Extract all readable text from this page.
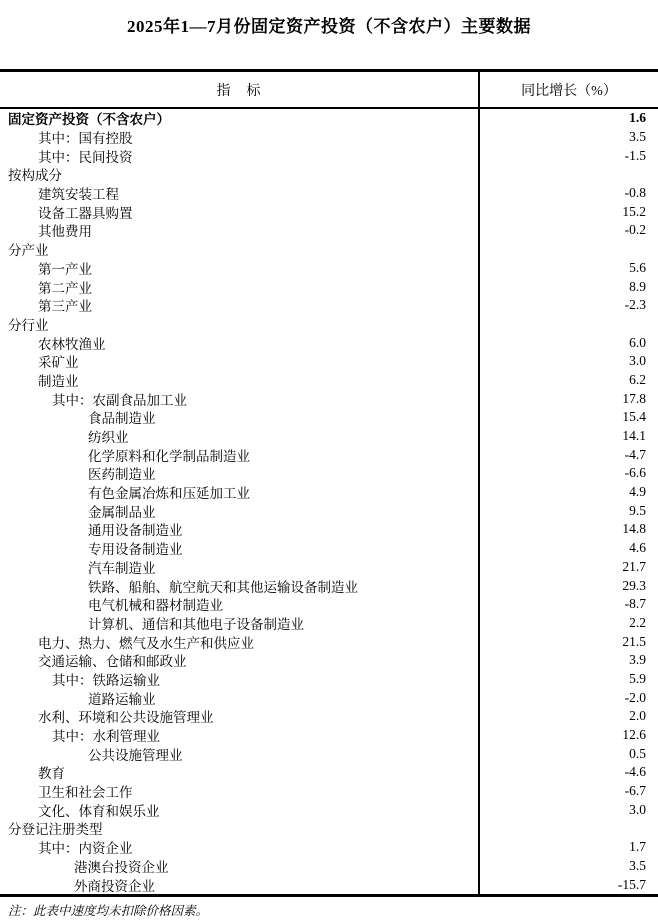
2025年1—7月份固定资产投资（不含农户）主要数据
指　标	同比增长（%）
固定资产投资（不含农户）	1.6
其中：国有控股	3.5
其中：民间投资	-1.5
按构成分
建筑安装工程	-0.8
设备工器具购置	15.2
其他费用	-0.2
分产业
第一产业	5.6
第二产业	8.9
第三产业	-2.3
分行业
农林牧渔业	6.0
采矿业	3.0
制造业	6.2
其中：农副食品加工业	17.8
食品制造业	15.4
纺织业	14.1
化学原料和化学制品制造业	-4.7
医药制造业	-6.6
有色金属冶炼和压延加工业	4.9
金属制品业	9.5
通用设备制造业	14.8
专用设备制造业	4.6
汽车制造业	21.7
铁路、船舶、航空航天和其他运输设备制造业	29.3
电气机械和器材制造业	-8.7
计算机、通信和其他电子设备制造业	2.2
电力、热力、燃气及水生产和供应业	21.5
交通运输、仓储和邮政业	3.9
其中：铁路运输业	5.9
道路运输业	-2.0
水利、环境和公共设施管理业	2.0
其中：水利管理业	12.6
公共设施管理业	0.5
教育	-4.6
卫生和社会工作	-6.7
文化、体育和娱乐业	3.0
分登记注册类型
其中：内资企业	1.7
港澳台投资企业	3.5
外商投资企业	-15.7
注：此表中速度均未扣除价格因素。
